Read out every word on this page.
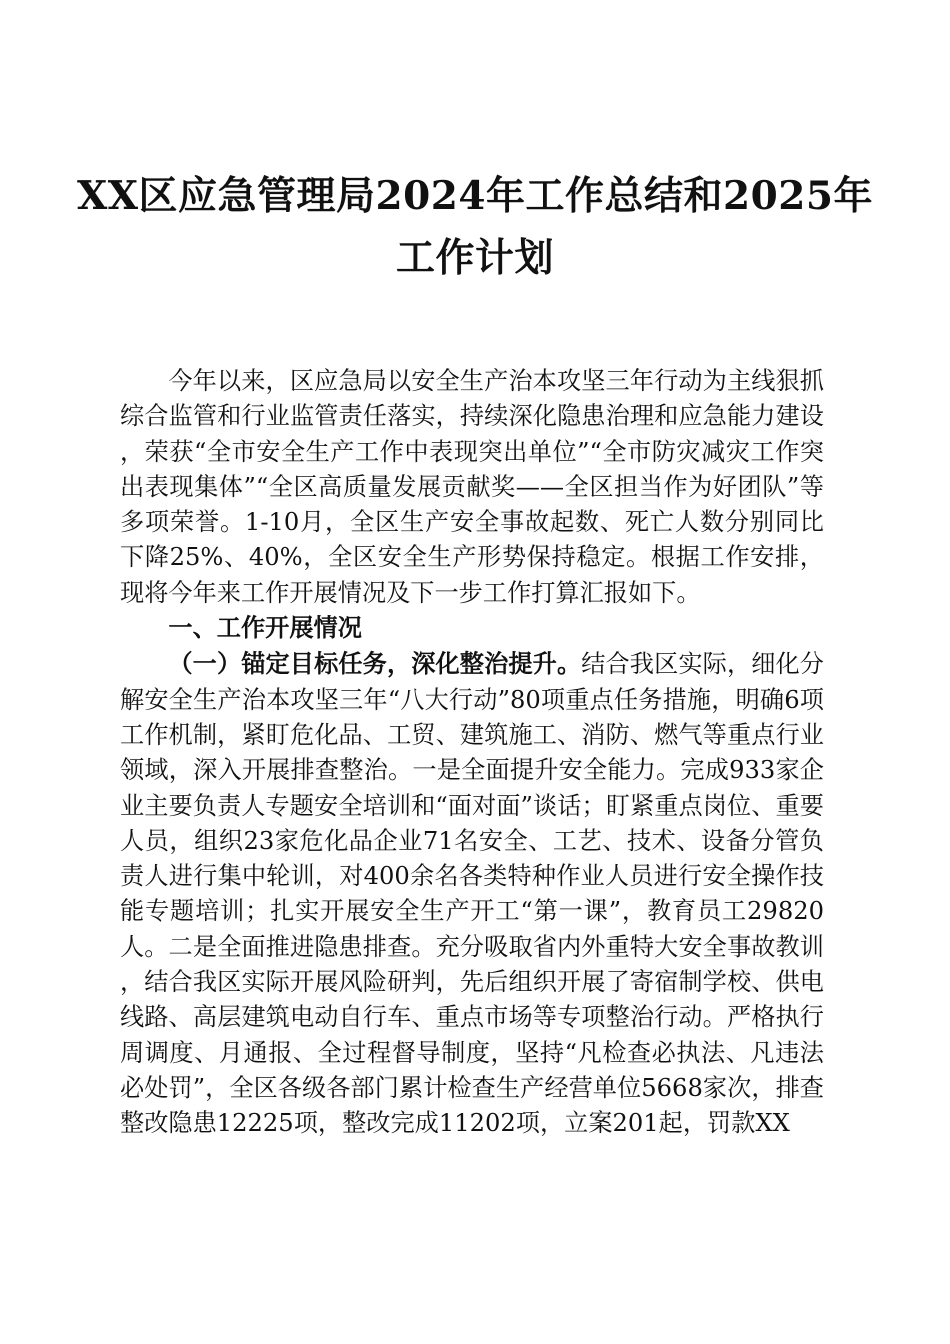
XX区应急管理局2024年工作总结和2025年
工作计划

今年以来，区应急局以安全生产治本攻坚三年行动为主线狠抓综合监管和行业监管责任落实，持续深化隐患治理和应急能力建设，荣获“全市安全生产工作中表现突出单位”“全市防灾减灾工作突出表现集体”“全区高质量发展贡献奖——全区担当作为好团队”等多项荣誉。1-10月，全区生产安全事故起数、死亡人数分别同比下降25%、40%，全区安全生产形势保持稳定。根据工作安排，现将今年来工作开展情况及下一步工作打算汇报如下。

一、工作开展情况

（一）锚定目标任务，深化整治提升。结合我区实际，细化分解安全生产治本攻坚三年“八大行动”80项重点任务措施，明确6项工作机制，紧盯危化品、工贸、建筑施工、消防、燃气等重点行业领域，深入开展排查整治。一是全面提升安全能力。完成933家企业主要负责人专题安全培训和“面对面”谈话；盯紧重点岗位、重要人员，组织23家危化品企业71名安全、工艺、技术、设备分管负责人进行集中轮训，对400余名各类特种作业人员进行安全操作技能专题培训；扎实开展安全生产开工“第一课”，教育员工29820人。二是全面推进隐患排查。充分吸取省内外重特大安全事故教训，结合我区实际开展风险研判，先后组织开展了寄宿制学校、供电线路、高层建筑电动自行车、重点市场等专项整治行动。严格执行周调度、月通报、全过程督导制度，坚持“凡检查必执法、凡违法必处罚”，全区各级各部门累计检查生产经营单位5668家次，排查整改隐患12225项，整改完成11202项，立案201起，罚款XX
